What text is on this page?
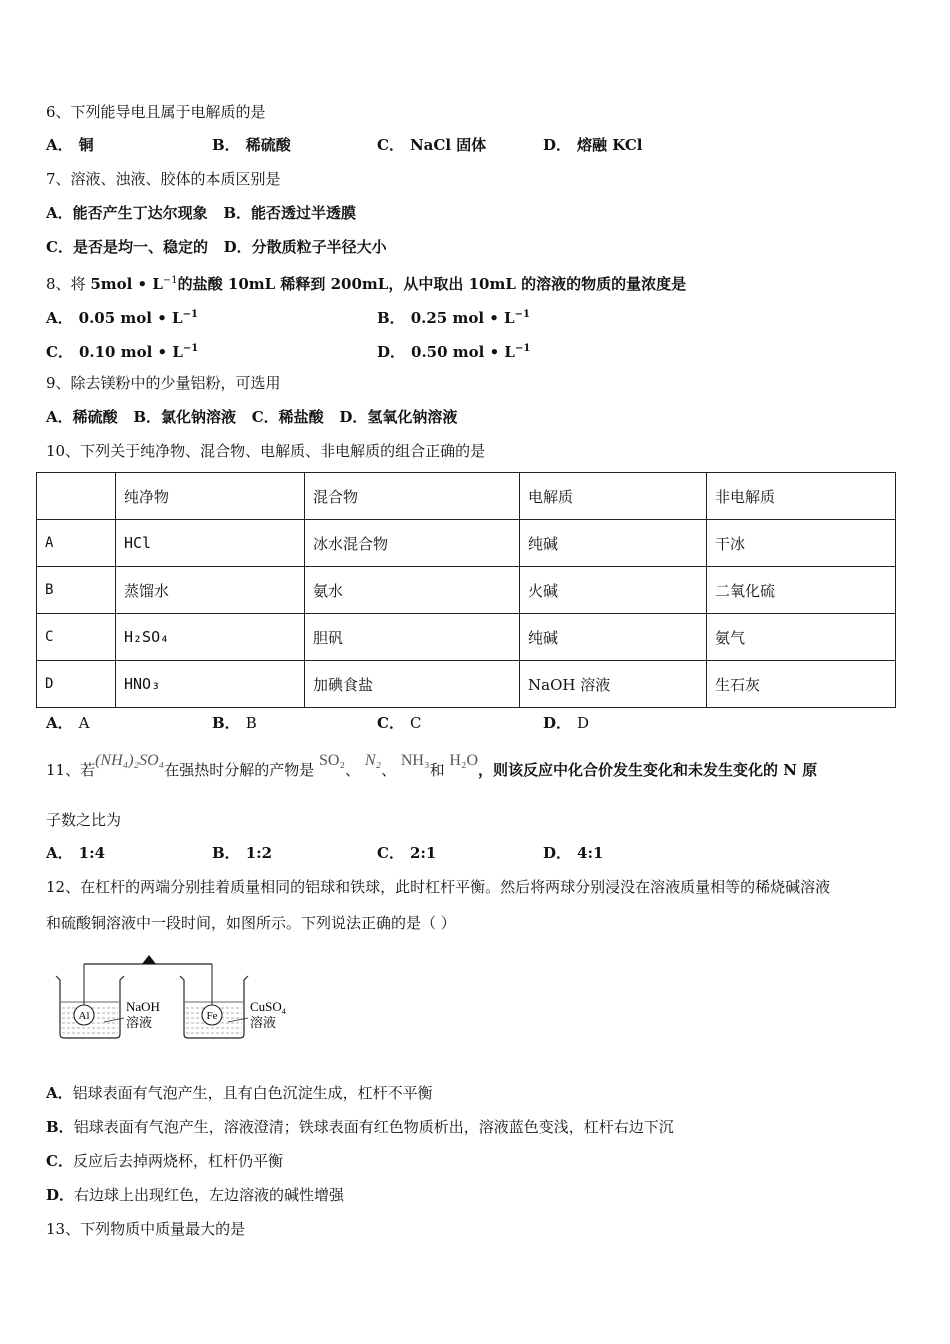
6、下列能导电且属于电解质的是
A． 铜	B． 稀硫酸	C． NaCl 固体	D． 熔融 KCl
7、溶液、浊液、胶体的本质区别是
A．能否产生丁达尔现象 B．能否透过半透膜
C．是否是均一、稳定的 D．分散质粒子半径大小
8、将 5mol • $L^{-1}$的盐酸 10mL 稀释到 200mL，从中取出 10mL 的溶液的物质的量浓度是
A． 0.05 mol • $L^{-1}$	B． 0.25 mol • $L^{-1}$
C． 0.10 mol • $L^{-1}$	D． 0.50 mol • $L^{-1}$
9、除去镁粉中的少量铝粉，可选用
A．稀硫酸 B．氯化钠溶液 C．稀盐酸 D．氢氧化钠溶液
10、下列关于纯净物、混合物、电解质、非电解质的组合正确的是
	纯净物	混合物	电解质	非电解质
A	HCl	冰水混合物	纯碱	干冰
B	蒸馏水	氨水	火碱	二氧化硫
C	H₂SO₄	胆矾	纯碱	氨气
D	HNO₃	加碘食盐	NaOH 溶液	生石灰
A． A	B． B	C． C	D． D
11、若(NH₄)₂SO₄在强热时分解的产物是 SO₂、 N₂、 NH₃和 H₂O，则该反应中化合价发生变化和未发生变化的 N 原
子数之比为
A． 1:4	B． 1:2	C． 2:1	D． 4:1
12、在杠杆的两端分别挂着质量相同的铝球和铁球，此时杠杆平衡。然后将两球分别浸没在溶液质量相等的稀烧碱溶液
和硫酸铜溶液中一段时间，如图所示。下列说法正确的是（ ）
Al
NaOH
溶液	Fe
CuSO$_4$
溶液
A．铝球表面有气泡产生，且有白色沉淀生成，杠杆不平衡
B．铝球表面有气泡产生，溶液澄清；铁球表面有红色物质析出，溶液蓝色变浅，杠杆右边下沉
C．反应后去掉两烧杯，杠杆仍平衡
D．右边球上出现红色，左边溶液的碱性增强
13、下列物质中质量最大的是
